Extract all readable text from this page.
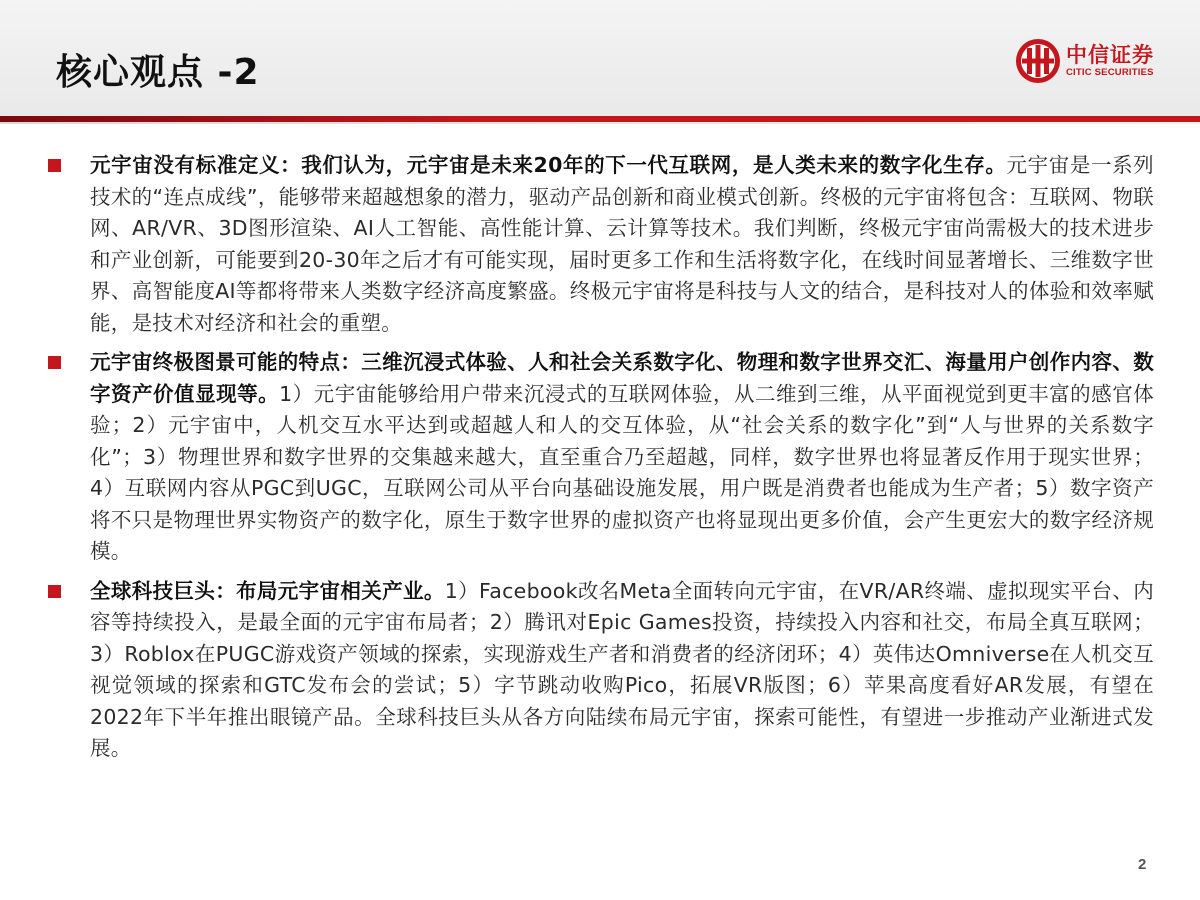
核心观点 -2	中信证券
CITIC SECURITIES

元宇宙没有标准定义：我们认为，元宇宙是未来20年的下一代互联网，是人类未来的数字化生存。元宇宙是一系列技术的“连点成线”，能够带来超越想象的潜力，驱动产品创新和商业模式创新。终极的元宇宙将包含：互联网、物联网、AR/VR、3D图形渲染、AI人工智能、高性能计算、云计算等技术。我们判断，终极元宇宙尚需极大的技术进步和产业创新，可能要到20-30年之后才有可能实现，届时更多工作和生活将数字化，在线时间显著增长、三维数字世界、高智能度AI等都将带来人类数字经济高度繁盛。终极元宇宙将是科技与人文的结合，是科技对人的体验和效率赋能，是技术对经济和社会的重塑。

元宇宙终极图景可能的特点：三维沉浸式体验、人和社会关系数字化、物理和数字世界交汇、海量用户创作内容、数字资产价值显现等。1）元宇宙能够给用户带来沉浸式的互联网体验，从二维到三维，从平面视觉到更丰富的感官体验；2）元宇宙中，人机交互水平达到或超越人和人的交互体验，从“社会关系的数字化”到“人与世界的关系数字化”；3）物理世界和数字世界的交集越来越大，直至重合乃至超越，同样，数字世界也将显著反作用于现实世界；4）互联网内容从PGC到UGC，互联网公司从平台向基础设施发展，用户既是消费者也能成为生产者；5）数字资产将不只是物理世界实物资产的数字化，原生于数字世界的虚拟资产也将显现出更多价值，会产生更宏大的数字经济规模。

全球科技巨头：布局元宇宙相关产业。1）Facebook改名Meta全面转向元宇宙，在VR/AR终端、虚拟现实平台、内容等持续投入，是最全面的元宇宙布局者；2）腾讯对Epic Games投资，持续投入内容和社交，布局全真互联网；3）Roblox在PUGC游戏资产领域的探索，实现游戏生产者和消费者的经济闭环；4）英伟达Omniverse在人机交互视觉领域的探索和GTC发布会的尝试；5）字节跳动收购Pico，拓展VR版图；6）苹果高度看好AR发展，有望在2022年下半年推出眼镜产品。全球科技巨头从各方向陆续布局元宇宙，探索可能性，有望进一步推动产业渐进式发展。

2
